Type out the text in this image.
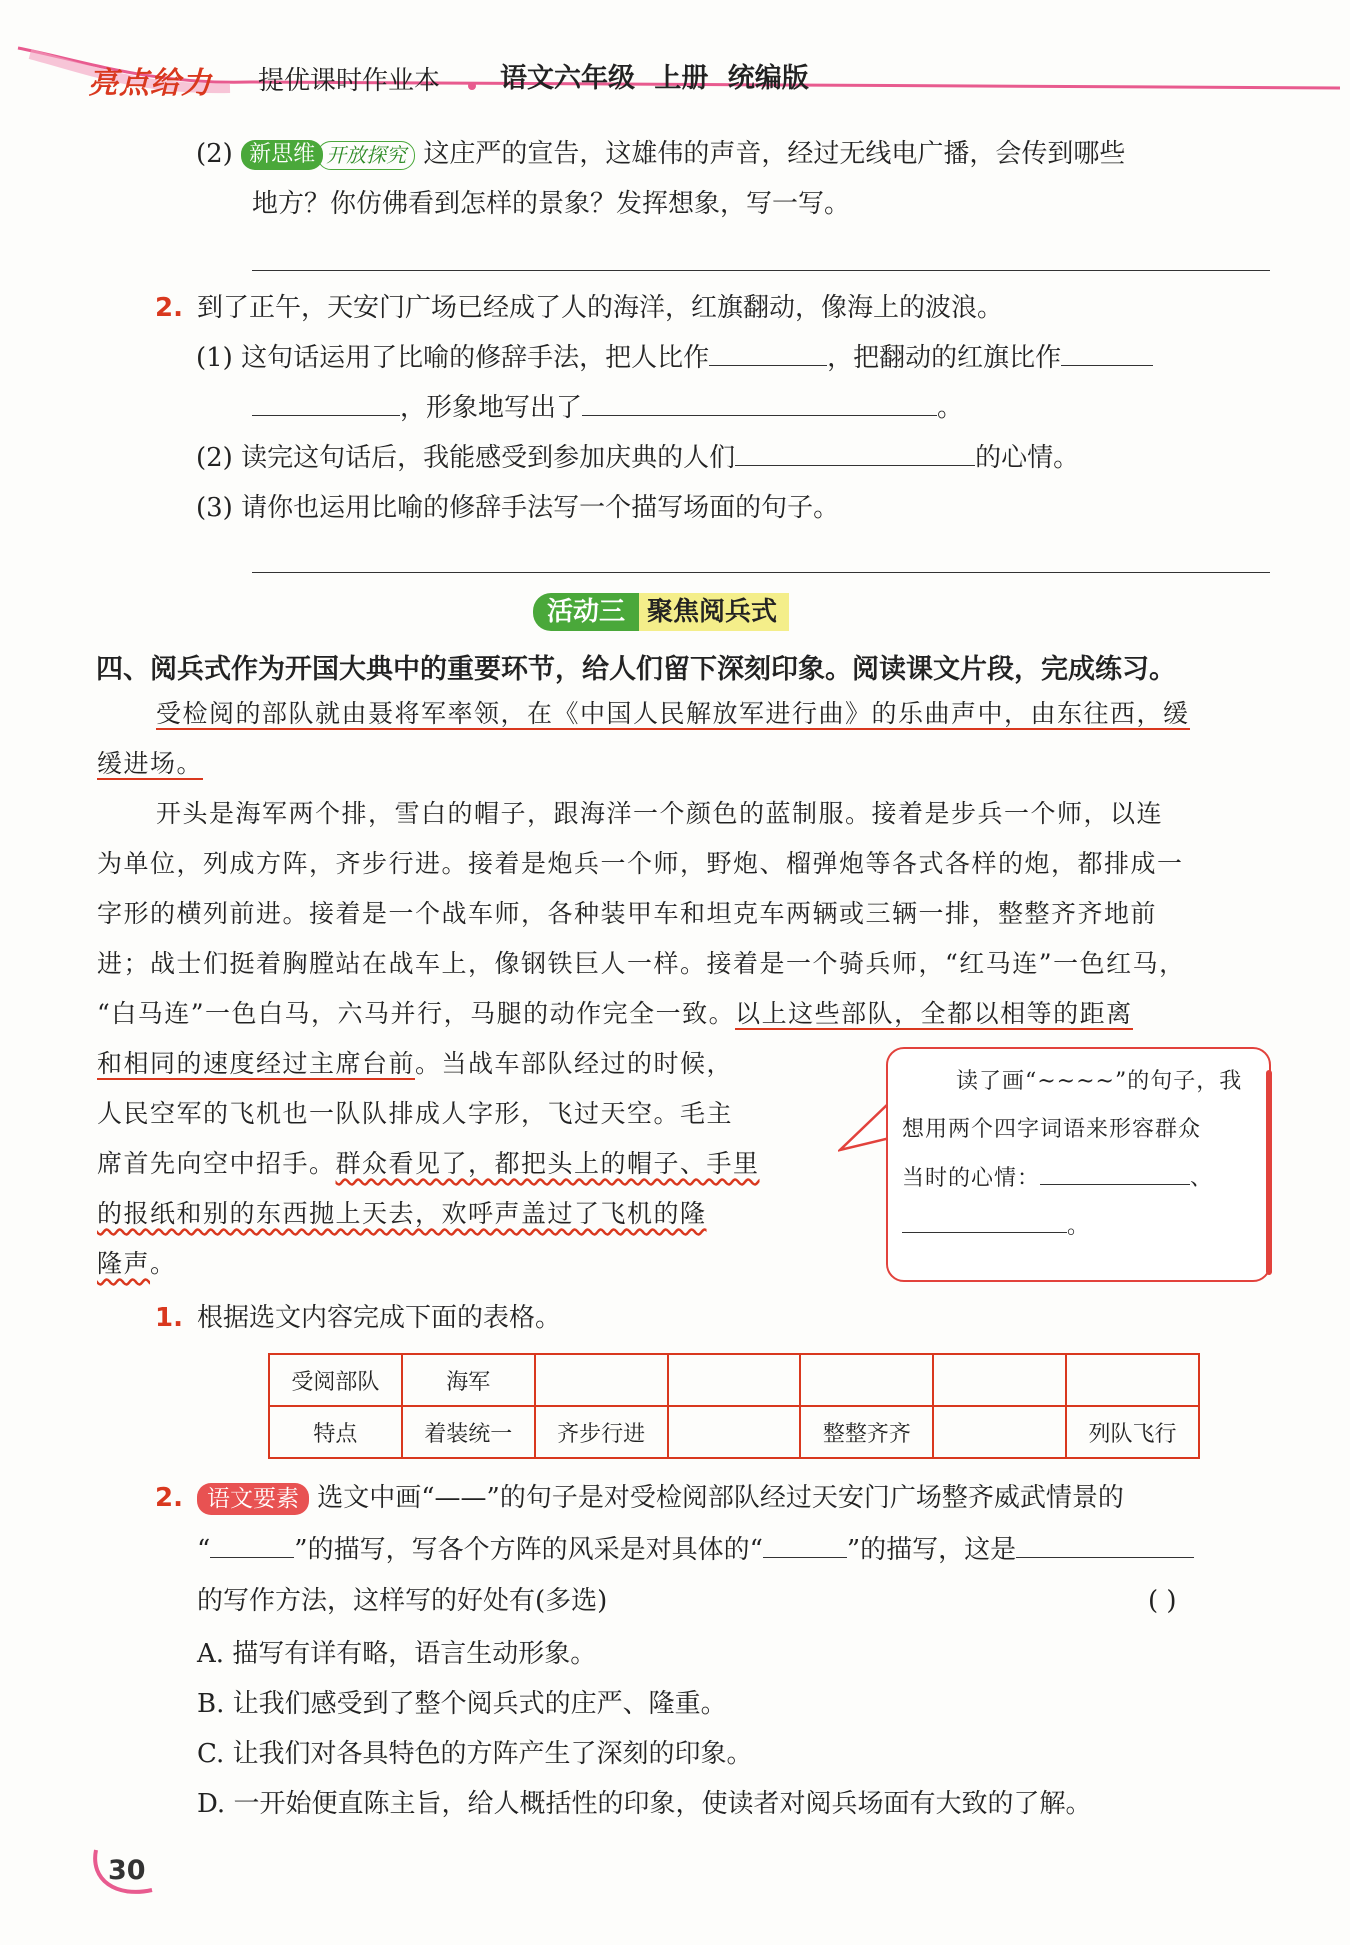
亮点给力 提优课时作业本 语文六年级 上册 统编版
(2) 新思维 开放探究 这庄严的宣告，这雄伟的声音，经过无线电广播，会传到哪些
地方？你仿佛看到怎样的景象？发挥想象，写一写。
2. 到了正午，天安门广场已经成了人的海洋，红旗翻动，像海上的波浪。
(1) 这句话运用了比喻的修辞手法，把人比作	，把翻动的红旗比作
，形象地写出了	。
(2) 读完这句话后，我能感受到参加庆典的人们	的心情。
(3) 请你也运用比喻的修辞手法写一个描写场面的句子。
活动三 聚焦阅兵式
四、阅兵式作为开国大典中的重要环节，给人们留下深刻印象。阅读课文片段，完成练习。
受检阅的部队就由聂将军率领，在《中国人民解放军进行曲》的乐曲声中，由东往西，缓
缓进场。
开头是海军两个排，雪白的帽子，跟海洋一个颜色的蓝制服。接着是步兵一个师，以连
为单位，列成方阵，齐步行进。接着是炮兵一个师，野炮、榴弹炮等各式各样的炮，都排成一
字形的横列前进。接着是一个战车师，各种装甲车和坦克车两辆或三辆一排，整整齐齐地前
进；战士们挺着胸膛站在战车上，像钢铁巨人一样。接着是一个骑兵师，“红马连”一色红马，
“白马连”一色白马，六马并行，马腿的动作完全一致。以上这些部队，全都以相等的距离
和相同的速度经过主席台前。当战车部队经过的时候，
人民空军的飞机也一队队排成人字形，飞过天空。毛主
席首先向空中招手。群众看见了，都把头上的帽子、手里
的报纸和别的东西抛上天去，欢呼声盖过了飞机的隆
隆声。
读了画“~~~~”的句子，我
想用两个四字词语来形容群众
当时的心情：	、
。
1. 根据选文内容完成下面的表格。
受阅部队	海军					
特点	着装统一	齐步行进		整整齐齐		列队飞行
2.	语文要素 选文中画“——”的句子是对受检阅部队经过天安门广场整齐威武情景的
“	”的描写，写各个方阵的风采是对具体的“	”的描写，这是
的写作方法，这样写的好处有(多选)	( )
A. 描写有详有略，语言生动形象。
B. 让我们感受到了整个阅兵式的庄严、隆重。
C. 让我们对各具特色的方阵产生了深刻的印象。
D. 一开始便直陈主旨，给人概括性的印象，使读者对阅兵场面有大致的了解。
30
